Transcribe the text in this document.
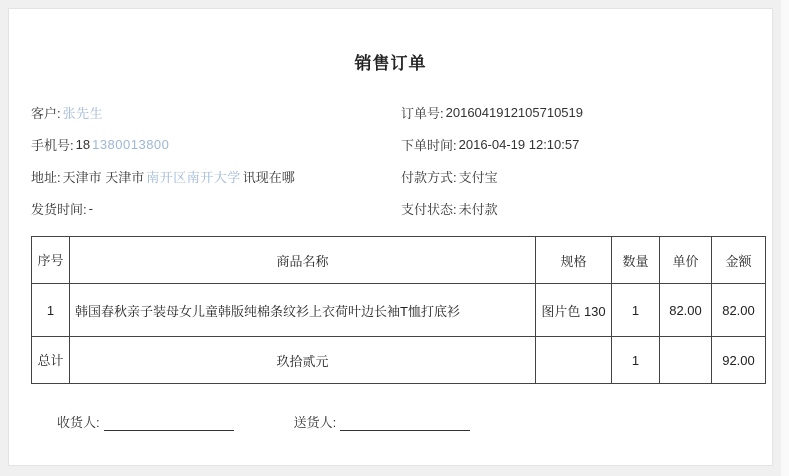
销售订单
客户: 张先生	订单号: 2016041912105710519
手机号: 18 1380013800	下单时间: 2016-04-19 12:10:57
地址: 天津市 天津市 南开区南开大学 讯现在哪	付款方式: 支付宝
发货时间: -	支付状态: 未付款
序号	商品名称	规格	数量	单价	金额
1	韩国春秋亲子装母女儿童韩版纯棉条纹衫上衣荷叶边长袖T恤打底衫	图片色 130	1	82.00	82.00
总计	玖拾贰元		1		92.00
收货人:	送货人:
